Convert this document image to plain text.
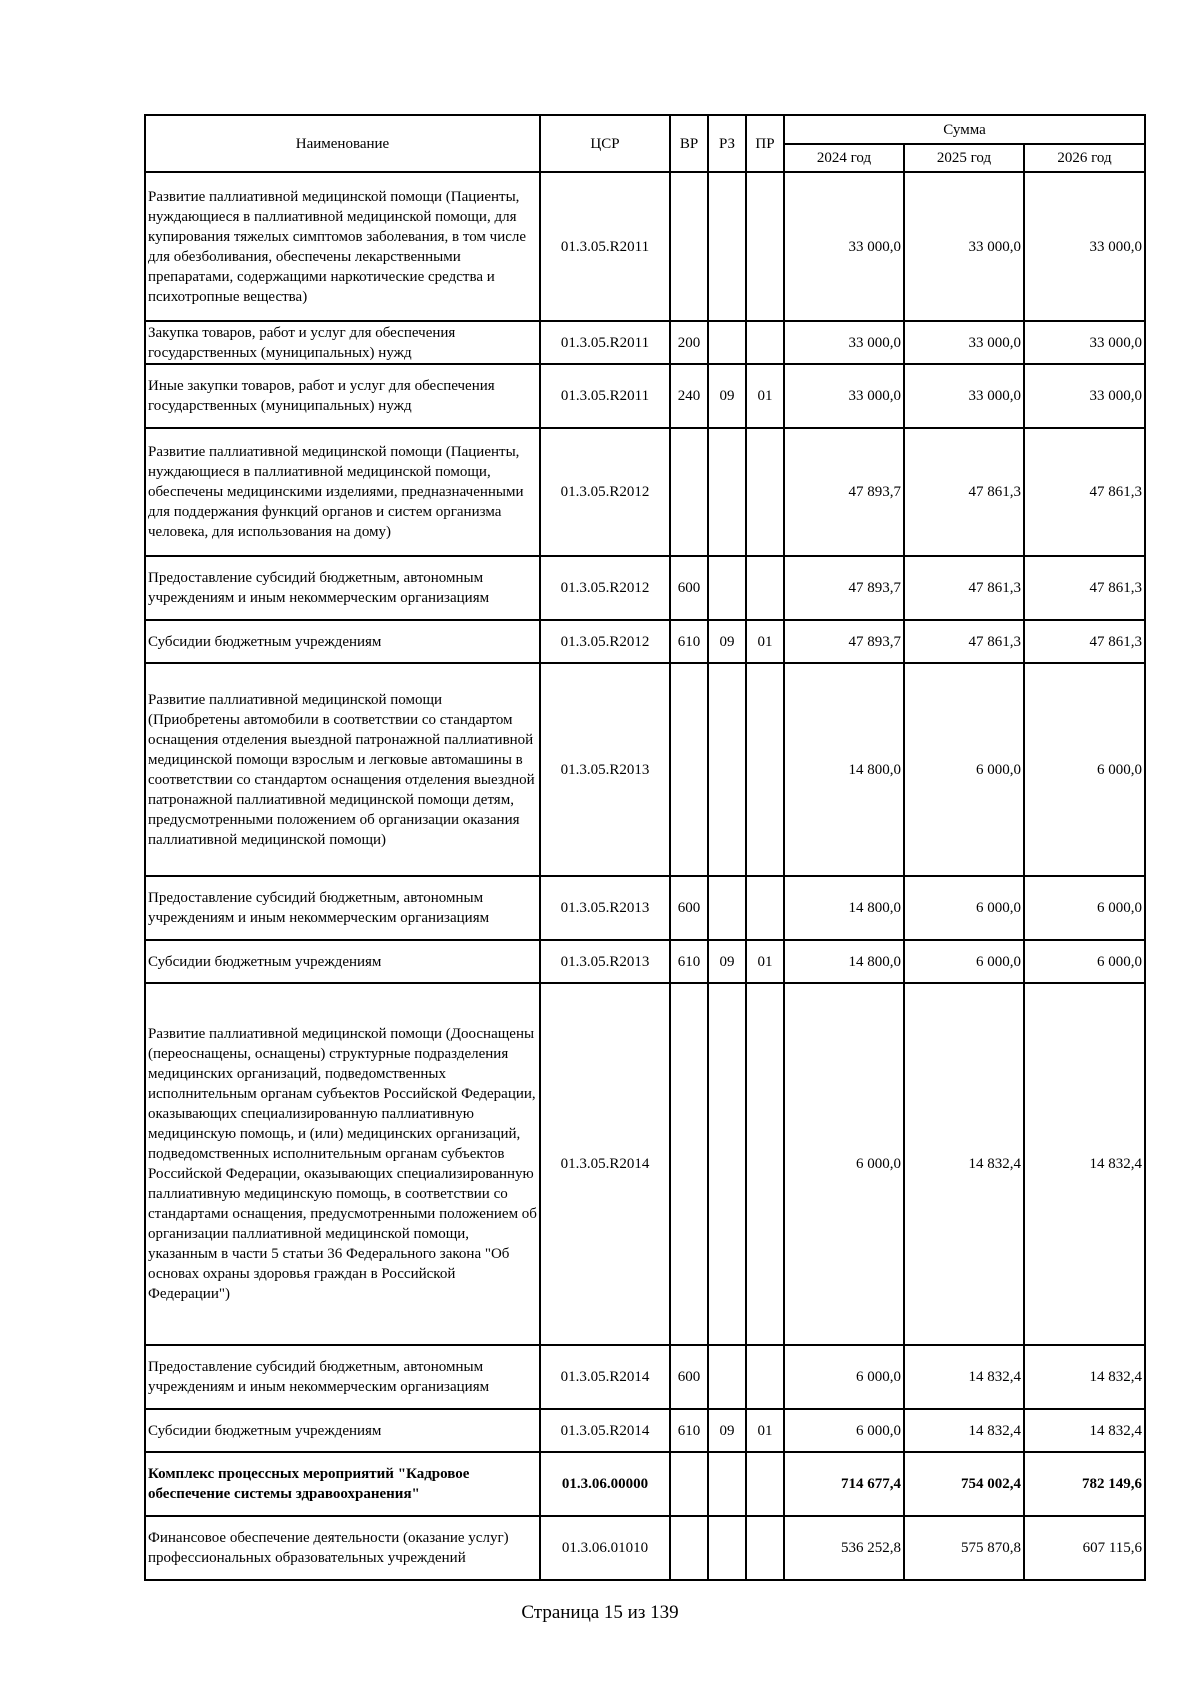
Наименование	ЦСР	ВР	РЗ	ПР	Сумма		
					2024 год	2025 год	2026 год
Развитие паллиативной медицинской помощи (Пациенты, нуждающиеся в паллиативной медицинской помощи, для купирования тяжелых симптомов заболевания, в том числе для обезболивания, обеспечены лекарственными препаратами, содержащими наркотические средства и психотропные вещества)	01.3.05.R2011				33 000,0	33 000,0	33 000,0
Закупка товаров, работ и услуг для обеспечения государственных (муниципальных) нужд	01.3.05.R2011	200			33 000,0	33 000,0	33 000,0
Иные закупки товаров, работ и услуг для обеспечения государственных (муниципальных) нужд	01.3.05.R2011	240	09	01	33 000,0	33 000,0	33 000,0
Развитие паллиативной медицинской помощи (Пациенты, нуждающиеся в паллиативной медицинской помощи, обеспечены медицинскими изделиями, предназначенными для поддержания функций органов и систем организма человека, для использования на дому)	01.3.05.R2012				47 893,7	47 861,3	47 861,3
Предоставление субсидий бюджетным, автономным учреждениям и иным некоммерческим организациям	01.3.05.R2012	600			47 893,7	47 861,3	47 861,3
Субсидии бюджетным учреждениям	01.3.05.R2012	610	09	01	47 893,7	47 861,3	47 861,3
Развитие паллиативной медицинской помощи (Приобретены автомобили в соответствии со стандартом оснащения отделения выездной патронажной паллиативной медицинской помощи взрослым и легковые автомашины в соответствии со стандартом оснащения отделения выездной патронажной паллиативной медицинской помощи детям, предусмотренными положением об организации оказания паллиативной медицинской помощи)	01.3.05.R2013				14 800,0	6 000,0	6 000,0
Предоставление субсидий бюджетным, автономным учреждениям и иным некоммерческим организациям	01.3.05.R2013	600			14 800,0	6 000,0	6 000,0
Субсидии бюджетным учреждениям	01.3.05.R2013	610	09	01	14 800,0	6 000,0	6 000,0
Развитие паллиативной медицинской помощи (Дооснащены (переоснащены, оснащены) структурные подразделения медицинских организаций, подведомственных исполнительным органам субъектов Российской Федерации, оказывающих специализированную паллиативную медицинскую помощь, и (или) медицинских организаций, подведомственных исполнительным органам субъектов Российской Федерации, оказывающих специализированную паллиативную медицинскую помощь, в соответствии со стандартами оснащения, предусмотренными положением об организации паллиативной медицинской помощи, указанным в части 5 статьи 36 Федерального закона "Об основах охраны здоровья граждан в Российской Федерации")	01.3.05.R2014				6 000,0	14 832,4	14 832,4
Предоставление субсидий бюджетным, автономным учреждениям и иным некоммерческим организациям	01.3.05.R2014	600			6 000,0	14 832,4	14 832,4
Субсидии бюджетным учреждениям	01.3.05.R2014	610	09	01	6 000,0	14 832,4	14 832,4
Комплекс процессных мероприятий "Кадровое обеспечение системы здравоохранения"	01.3.06.00000				714 677,4	754 002,4	782 149,6
Финансовое обеспечение деятельности (оказание услуг) профессиональных образовательных учреждений	01.3.06.01010				536 252,8	575 870,8	607 115,6
Страница 15 из 139
